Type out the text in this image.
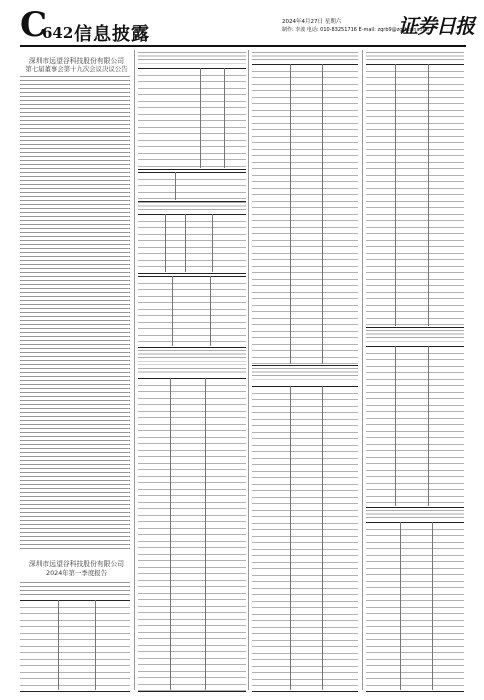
C
642 信息披露
2024年4月27日 星期六
制作: 李波 电话: 010-83251716 E-mail: zqrb9@zqrb.sina.net
证券日报
深圳市远望谷科技股份有限公司
第七届董事会第十九次会议决议公告
深圳市远望谷科技股份有限公司
2024年第一季度报告
